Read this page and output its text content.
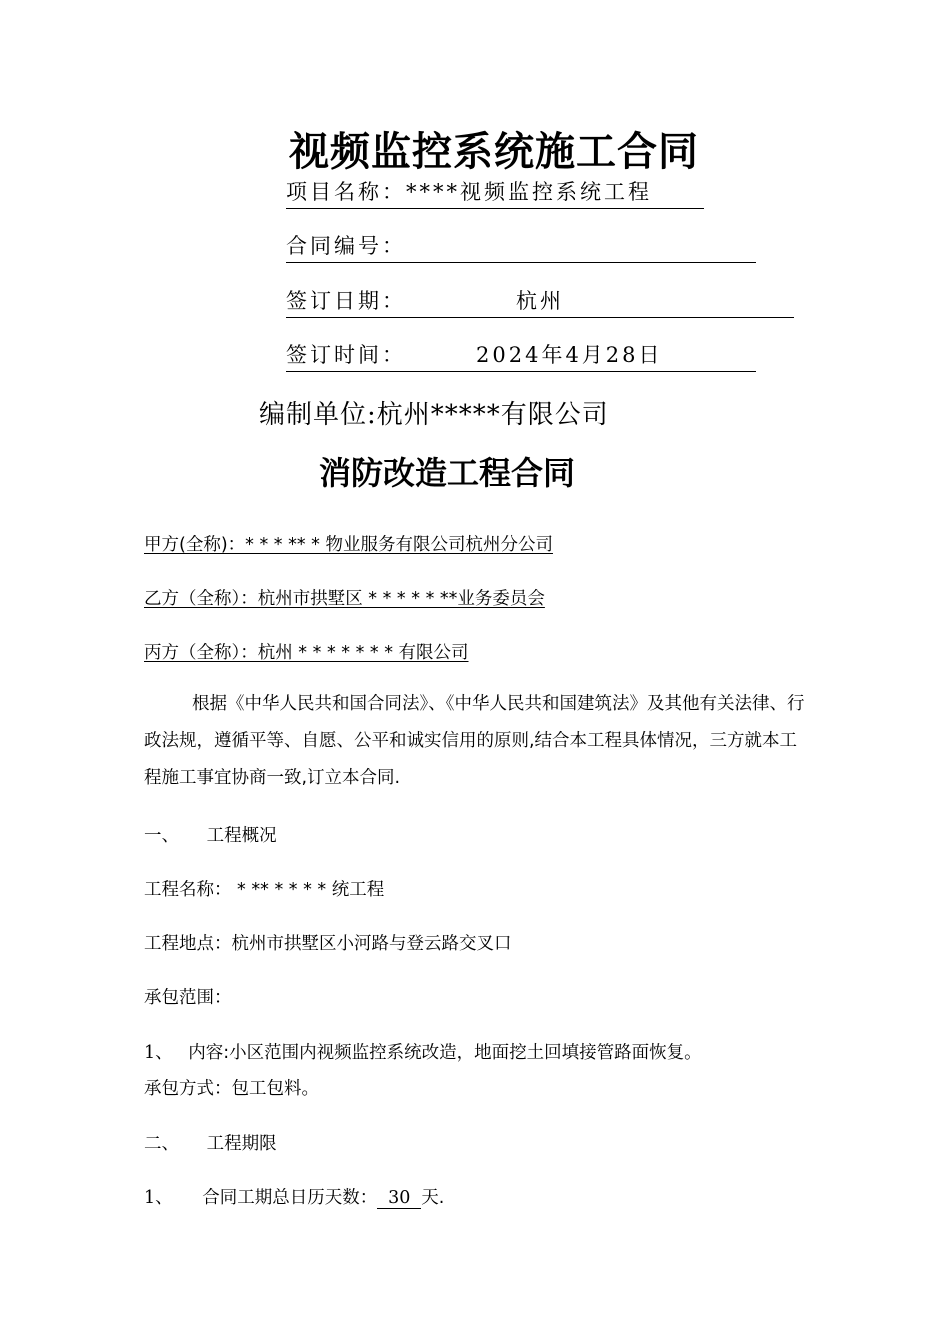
视频监控系统施工合同
项目名称：****视频监控系统工程
合同编号：
签订日期：	杭州
签订时间：	2024年4月28日
编制单位:杭州*****有限公司
消防改造工程合同
甲方(全称)：* * * ** * 物业服务有限公司杭州分公司
乙方（全称）：杭州市拱墅区 * * * * * **业务委员会
丙方（全称）：杭州 * * * * * * * 有限公司
根据《中华人民共和国合同法》、《中华人民共和国建筑法》及其他有关法律、行政法规，遵循平等、自愿、公平和诚实信用的原则,结合本工程具体情况，三方就本工程施工事宜协商一致,订立本合同.
一、 工程概况
工程名称： * ** * * * * 统工程
工程地点：杭州市拱墅区小河路与登云路交叉口
承包范围：
1、 内容:小区范围内视频监控系统改造，地面挖土回填接管路面恢复。
承包方式：包工包料。
二、 工程期限
1、 合同工期总日历天数： 30 天.
